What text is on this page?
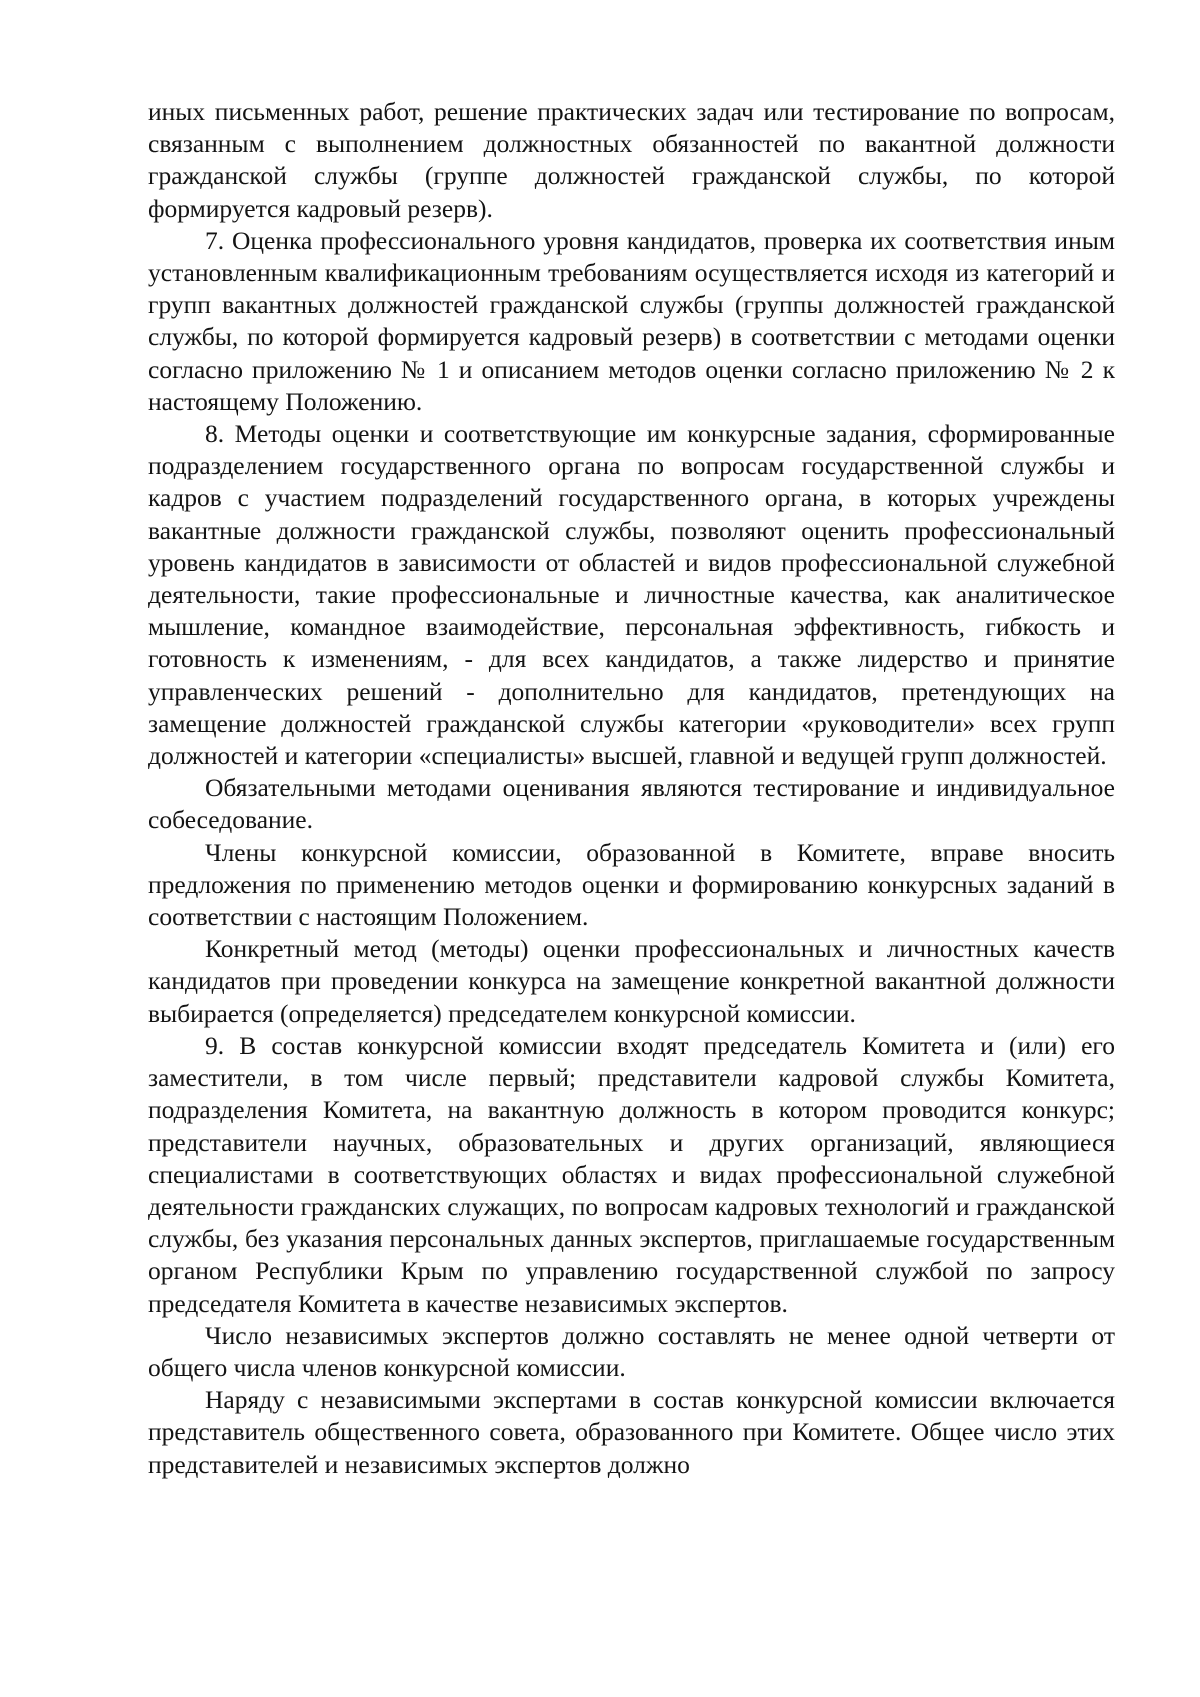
иных письменных работ, решение практических задач или тестирование по вопросам, связанным с выполнением должностных обязанностей по вакантной должности гражданской службы (группе должностей гражданской службы, по которой формируется кадровый резерв).

7. Оценка профессионального уровня кандидатов, проверка их соответствия иным установленным квалификационным требованиям осуществляется исходя из категорий и групп вакантных должностей гражданской службы (группы должностей гражданской службы, по которой формируется кадровый резерв) в соответствии с методами оценки согласно приложению № 1 и описанием методов оценки согласно приложению № 2 к настоящему Положению.

8. Методы оценки и соответствующие им конкурсные задания, сформированные подразделением государственного органа по вопросам государственной службы и кадров с участием подразделений государственного органа, в которых учреждены вакантные должности гражданской службы, позволяют оценить профессиональный уровень кандидатов в зависимости от областей и видов профессиональной служебной деятельности, такие профессиональные и личностные качества, как аналитическое мышление, командное взаимодействие, персональная эффективность, гибкость и готовность к изменениям, - для всех кандидатов, а также лидерство и принятие управленческих решений - дополнительно для кандидатов, претендующих на замещение должностей гражданской службы категории «руководители» всех групп должностей и категории «специалисты» высшей, главной и ведущей групп должностей.

Обязательными методами оценивания являются тестирование и индивидуальное собеседование.

Члены конкурсной комиссии, образованной в Комитете, вправе вносить предложения по применению методов оценки и формированию конкурсных заданий в соответствии с настоящим Положением.

Конкретный метод (методы) оценки профессиональных и личностных качеств кандидатов при проведении конкурса на замещение конкретной вакантной должности выбирается (определяется) председателем конкурсной комиссии.

9. В состав конкурсной комиссии входят председатель Комитета и (или) его заместители, в том числе первый; представители кадровой службы Комитета, подразделения Комитета, на вакантную должность в котором проводится конкурс; представители научных, образовательных и других организаций, являющиеся специалистами в соответствующих областях и видах профессиональной служебной деятельности гражданских служащих, по вопросам кадровых технологий и гражданской службы, без указания персональных данных экспертов, приглашаемые государственным органом Республики Крым по управлению государственной службой по запросу председателя Комитета в качестве независимых экспертов.

Число независимых экспертов должно составлять не менее одной четверти от общего числа членов конкурсной комиссии.

Наряду с независимыми экспертами в состав конкурсной комиссии включается представитель общественного совета, образованного при Комитете. Общее число этих представителей и независимых экспертов должно
